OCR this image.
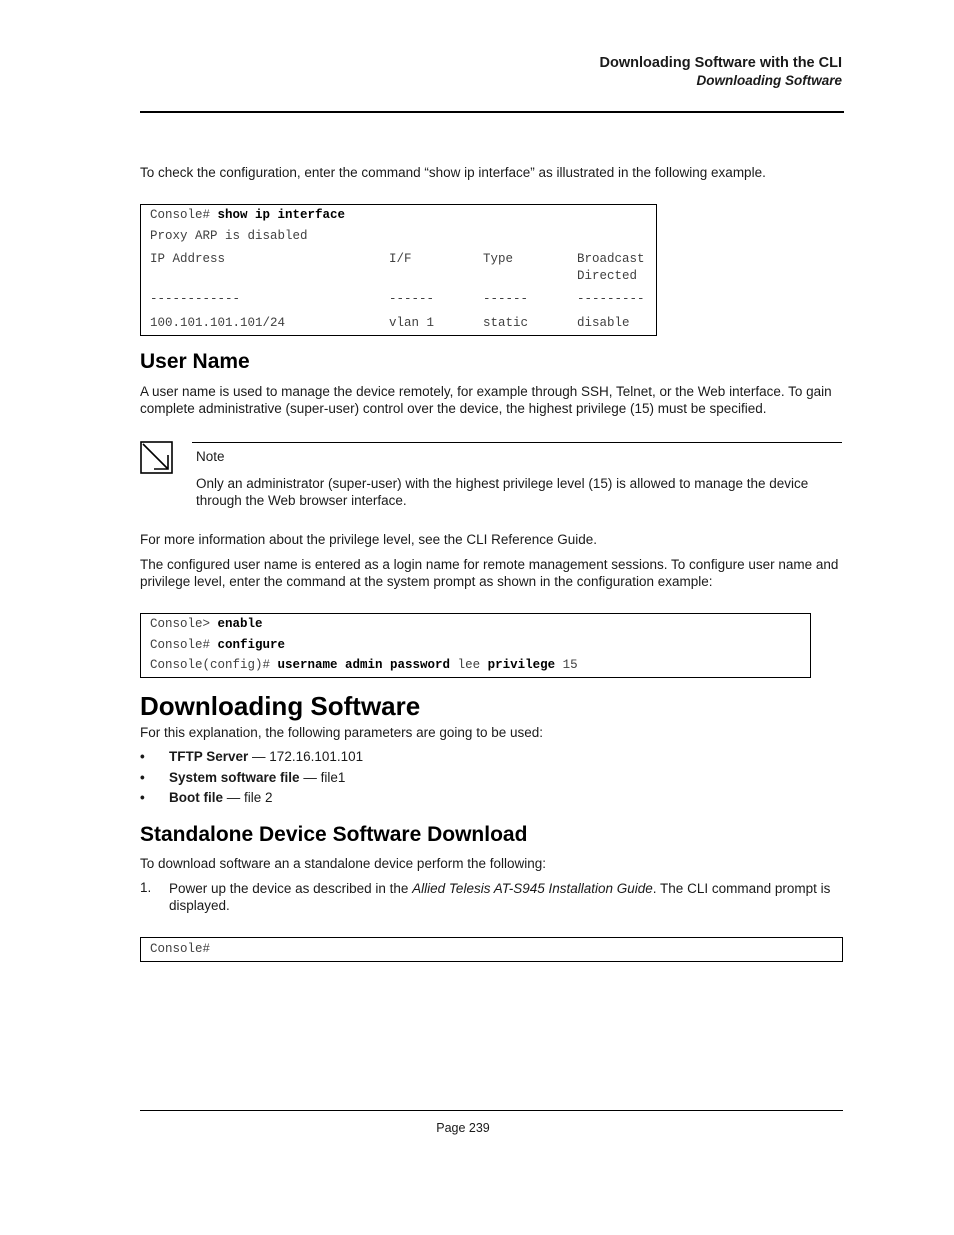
Downloading Software with the CLI
Downloading Software

To check the configuration, enter the command “show ip interface” as illustrated in the following example.

Console# show ip interface
Proxy ARP is disabled
IP Address	I/F	Type	Broadcast
Directed
------------	------	------	---------
100.101.101.101/24	vlan 1	static	disable
User Name

A user name is used to manage the device remotely, for example through SSH, Telnet, or the Web interface. To gain complete administrative (super-user) control over the device, the highest privilege (15) must be specified.

Note

Only an administrator (super-user) with the highest privilege level (15) is allowed to manage the device through the Web browser interface.

For more information about the privilege level, see the CLI Reference Guide.

The configured user name is entered as a login name for remote management sessions. To configure user name and privilege level, enter the command at the system prompt as shown in the configuration example:

Console> enable
Console# configure
Console(config)# username admin password lee privilege 15
Downloading Software

For this explanation, the following parameters are going to be used:

• TFTP Server — 172.16.101.101
• System software file — file1
• Boot file — file 2
Standalone Device Software Download

To download software an a standalone device perform the following:

1. Power up the device as described in the Allied Telesis AT-S945 Installation Guide. The CLI command prompt is displayed.

Console#
Page 239
